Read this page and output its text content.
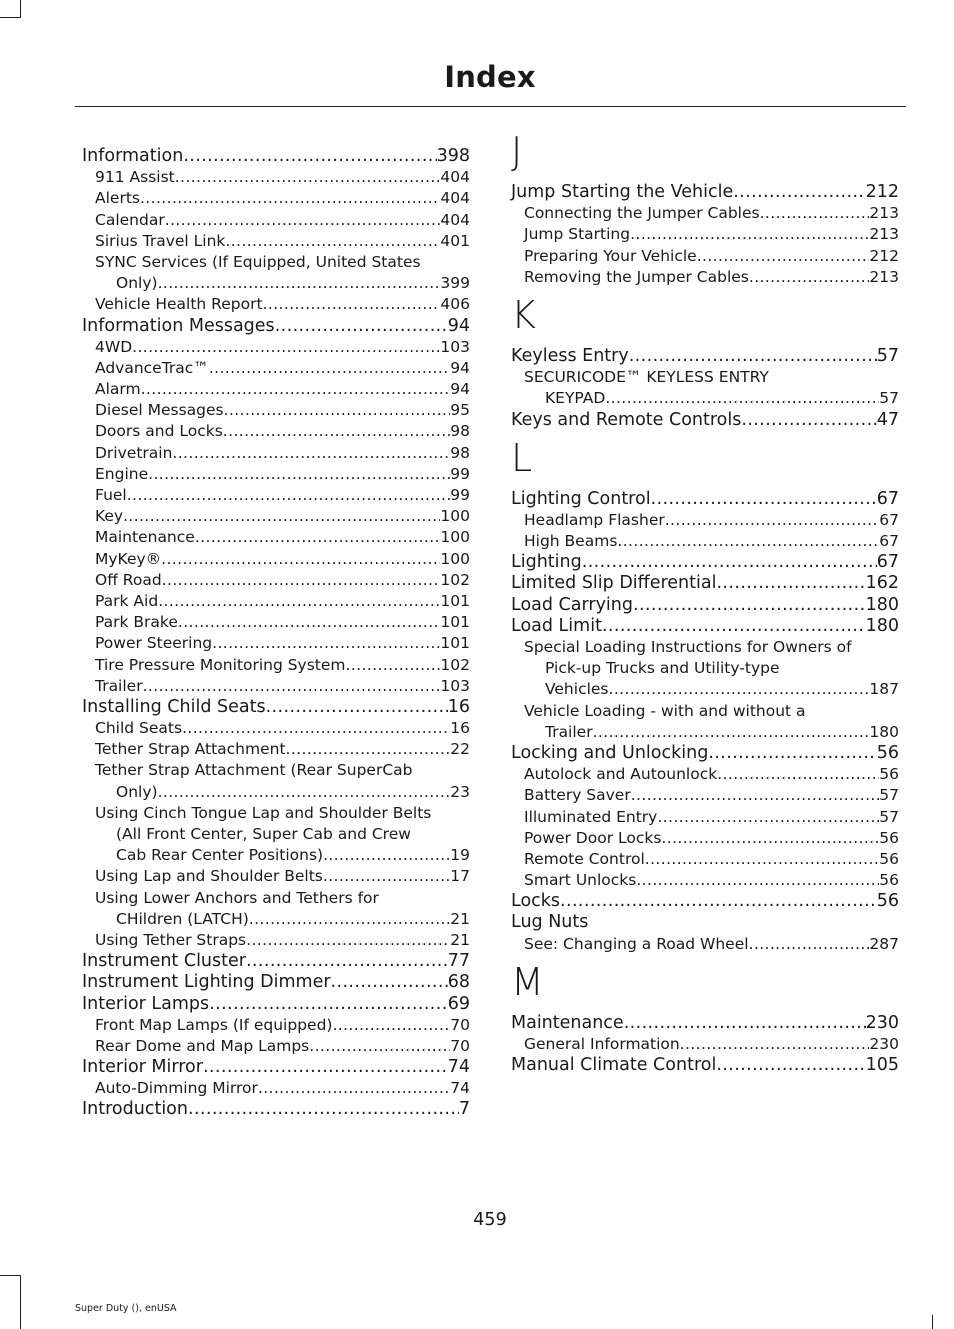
Index
Information .....	398
911 Assist .....	404
Alerts .....	404
Calendar .....	404
Sirius Travel Link .....	401
SYNC Services (If Equipped, United States
Only) .....	399
Vehicle Health Report .....	406
Information Messages .....	94
4WD .....	103
AdvanceTrac™ .....	94
Alarm .....	94
Diesel Messages .....	95
Doors and Locks .....	98
Drivetrain .....	98
Engine .....	99
Fuel .....	99
Key .....	100
Maintenance .....	100
MyKey® .....	100
Off Road .....	102
Park Aid .....	101
Park Brake .....	101
Power Steering .....	101
Tire Pressure Monitoring System .....	102
Trailer .....	103
Installing Child Seats .....	16
Child Seats .....	16
Tether Strap Attachment .....	22
Tether Strap Attachment (Rear SuperCab
Only) .....	23
Using Cinch Tongue Lap and Shoulder Belts
(All Front Center, Super Cab and Crew
Cab Rear Center Positions) .....	19
Using Lap and Shoulder Belts .....	17
Using Lower Anchors and Tethers for
CHildren (LATCH) .....	21
Using Tether Straps .....	21
Instrument Cluster .....	77
Instrument Lighting Dimmer .....	68
Interior Lamps .....	69
Front Map Lamps (If equipped) .....	70
Rear Dome and Map Lamps .....	70
Interior Mirror .....	74
Auto-Dimming Mirror .....	74
Introduction .....	7
J
Jump Starting the Vehicle .....	212
Connecting the Jumper Cables .....	213
Jump Starting .....	213
Preparing Your Vehicle .....	212
Removing the Jumper Cables .....	213
K
Keyless Entry .....	57
SECURICODE™ KEYLESS ENTRY
KEYPAD .....	57
Keys and Remote Controls .....	47
L
Lighting Control .....	67
Headlamp Flasher .....	67
High Beams .....	67
Lighting .....	67
Limited Slip Differential .....	162
Load Carrying .....	180
Load Limit .....	180
Special Loading Instructions for Owners of
Pick-up Trucks and Utility-type
Vehicles .....	187
Vehicle Loading - with and without a
Trailer .....	180
Locking and Unlocking .....	56
Autolock and Autounlock .....	56
Battery Saver .....	57
Illuminated Entry .....	57
Power Door Locks .....	56
Remote Control .....	56
Smart Unlocks .....	56
Locks .....	56
Lug Nuts
See: Changing a Road Wheel .....	287
M
Maintenance .....	230
General Information .....	230
Manual Climate Control .....	105
459
Super Duty (), enUSA
